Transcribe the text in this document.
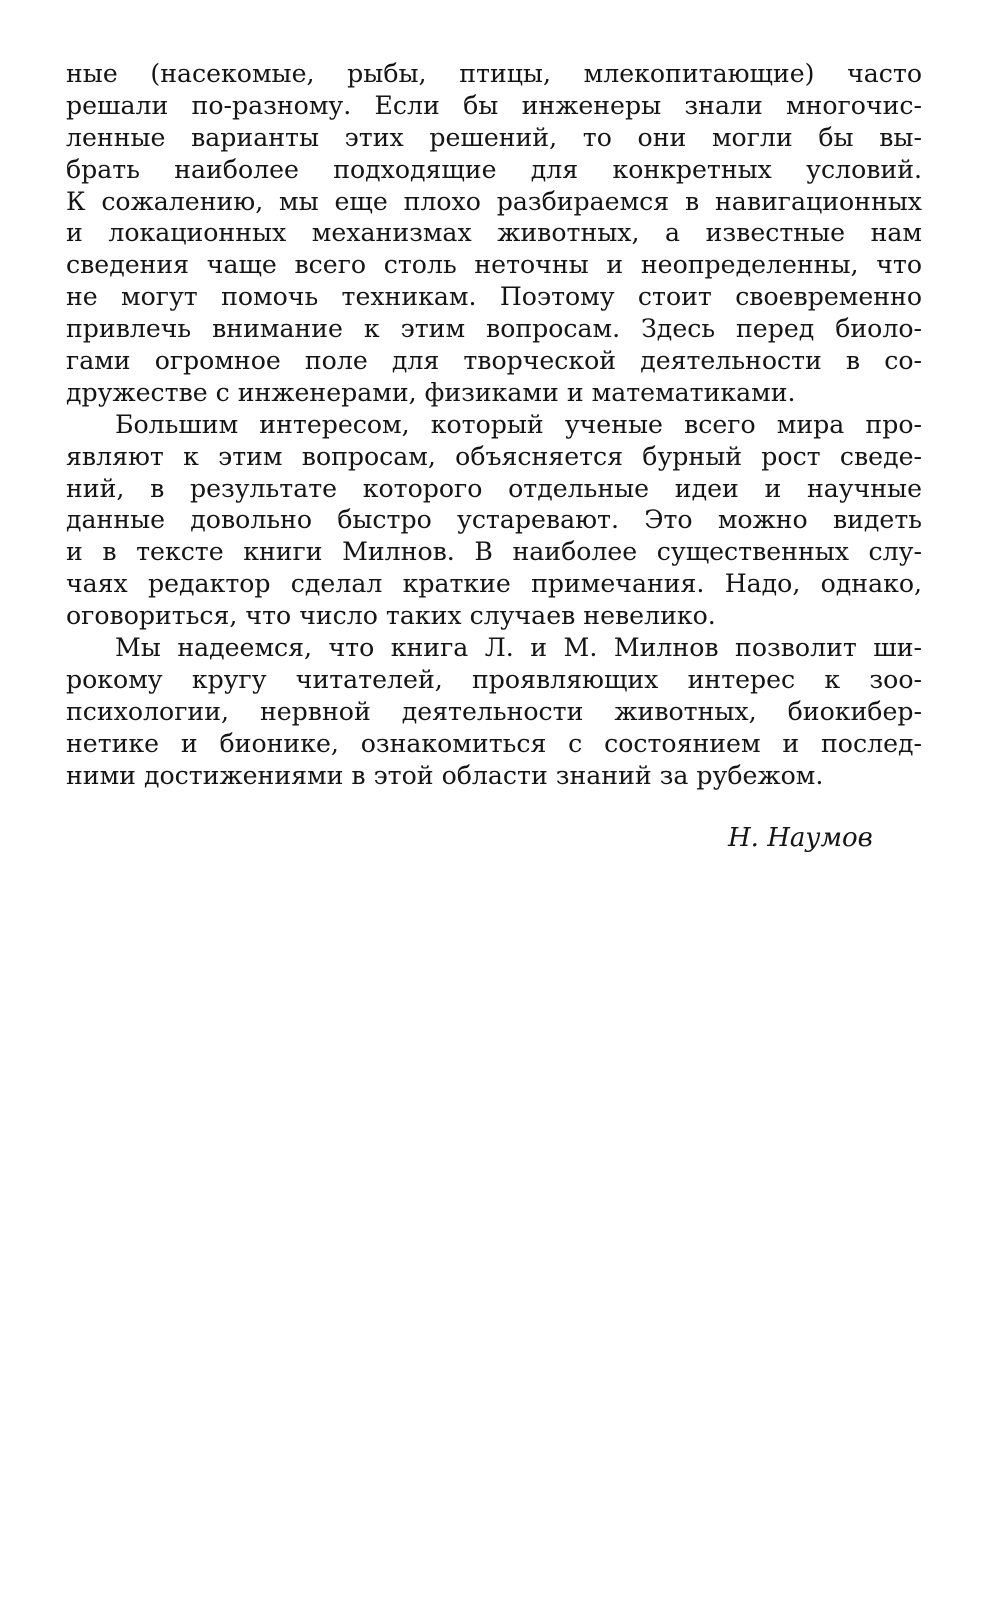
ные (насекомые, рыбы, птицы, млекопитающие) часто
решали по-разному. Если бы инженеры знали многочис-
ленные варианты этих решений, то они могли бы вы-
брать наиболее подходящие для конкретных условий.
К сожалению, мы еще плохо разбираемся в навигационных
и локационных механизмах животных, а известные нам
сведения чаще всего столь неточны и неопределенны, что
не могут помочь техникам. Поэтому стоит своевременно
привлечь внимание к этим вопросам. Здесь перед биоло-
гами огромное поле для творческой деятельности в со-
дружестве с инженерами, физиками и математиками.
Большим интересом, который ученые всего мира про-
являют к этим вопросам, объясняется бурный рост сведе-
ний, в результате которого отдельные идеи и научные
данные довольно быстро устаревают. Это можно видеть
и в тексте книги Милнов. В наиболее существенных слу-
чаях редактор сделал краткие примечания. Надо, однако,
оговориться, что число таких случаев невелико.
Мы надеемся, что книга Л. и М. Милнов позволит ши-
рокому кругу читателей, проявляющих интерес к зоо-
психологии, нервной деятельности животных, биокибер-
нетике и бионике, ознакомиться с состоянием и послед-
ними достижениями в этой области знаний за рубежом.
Н. Наумов
